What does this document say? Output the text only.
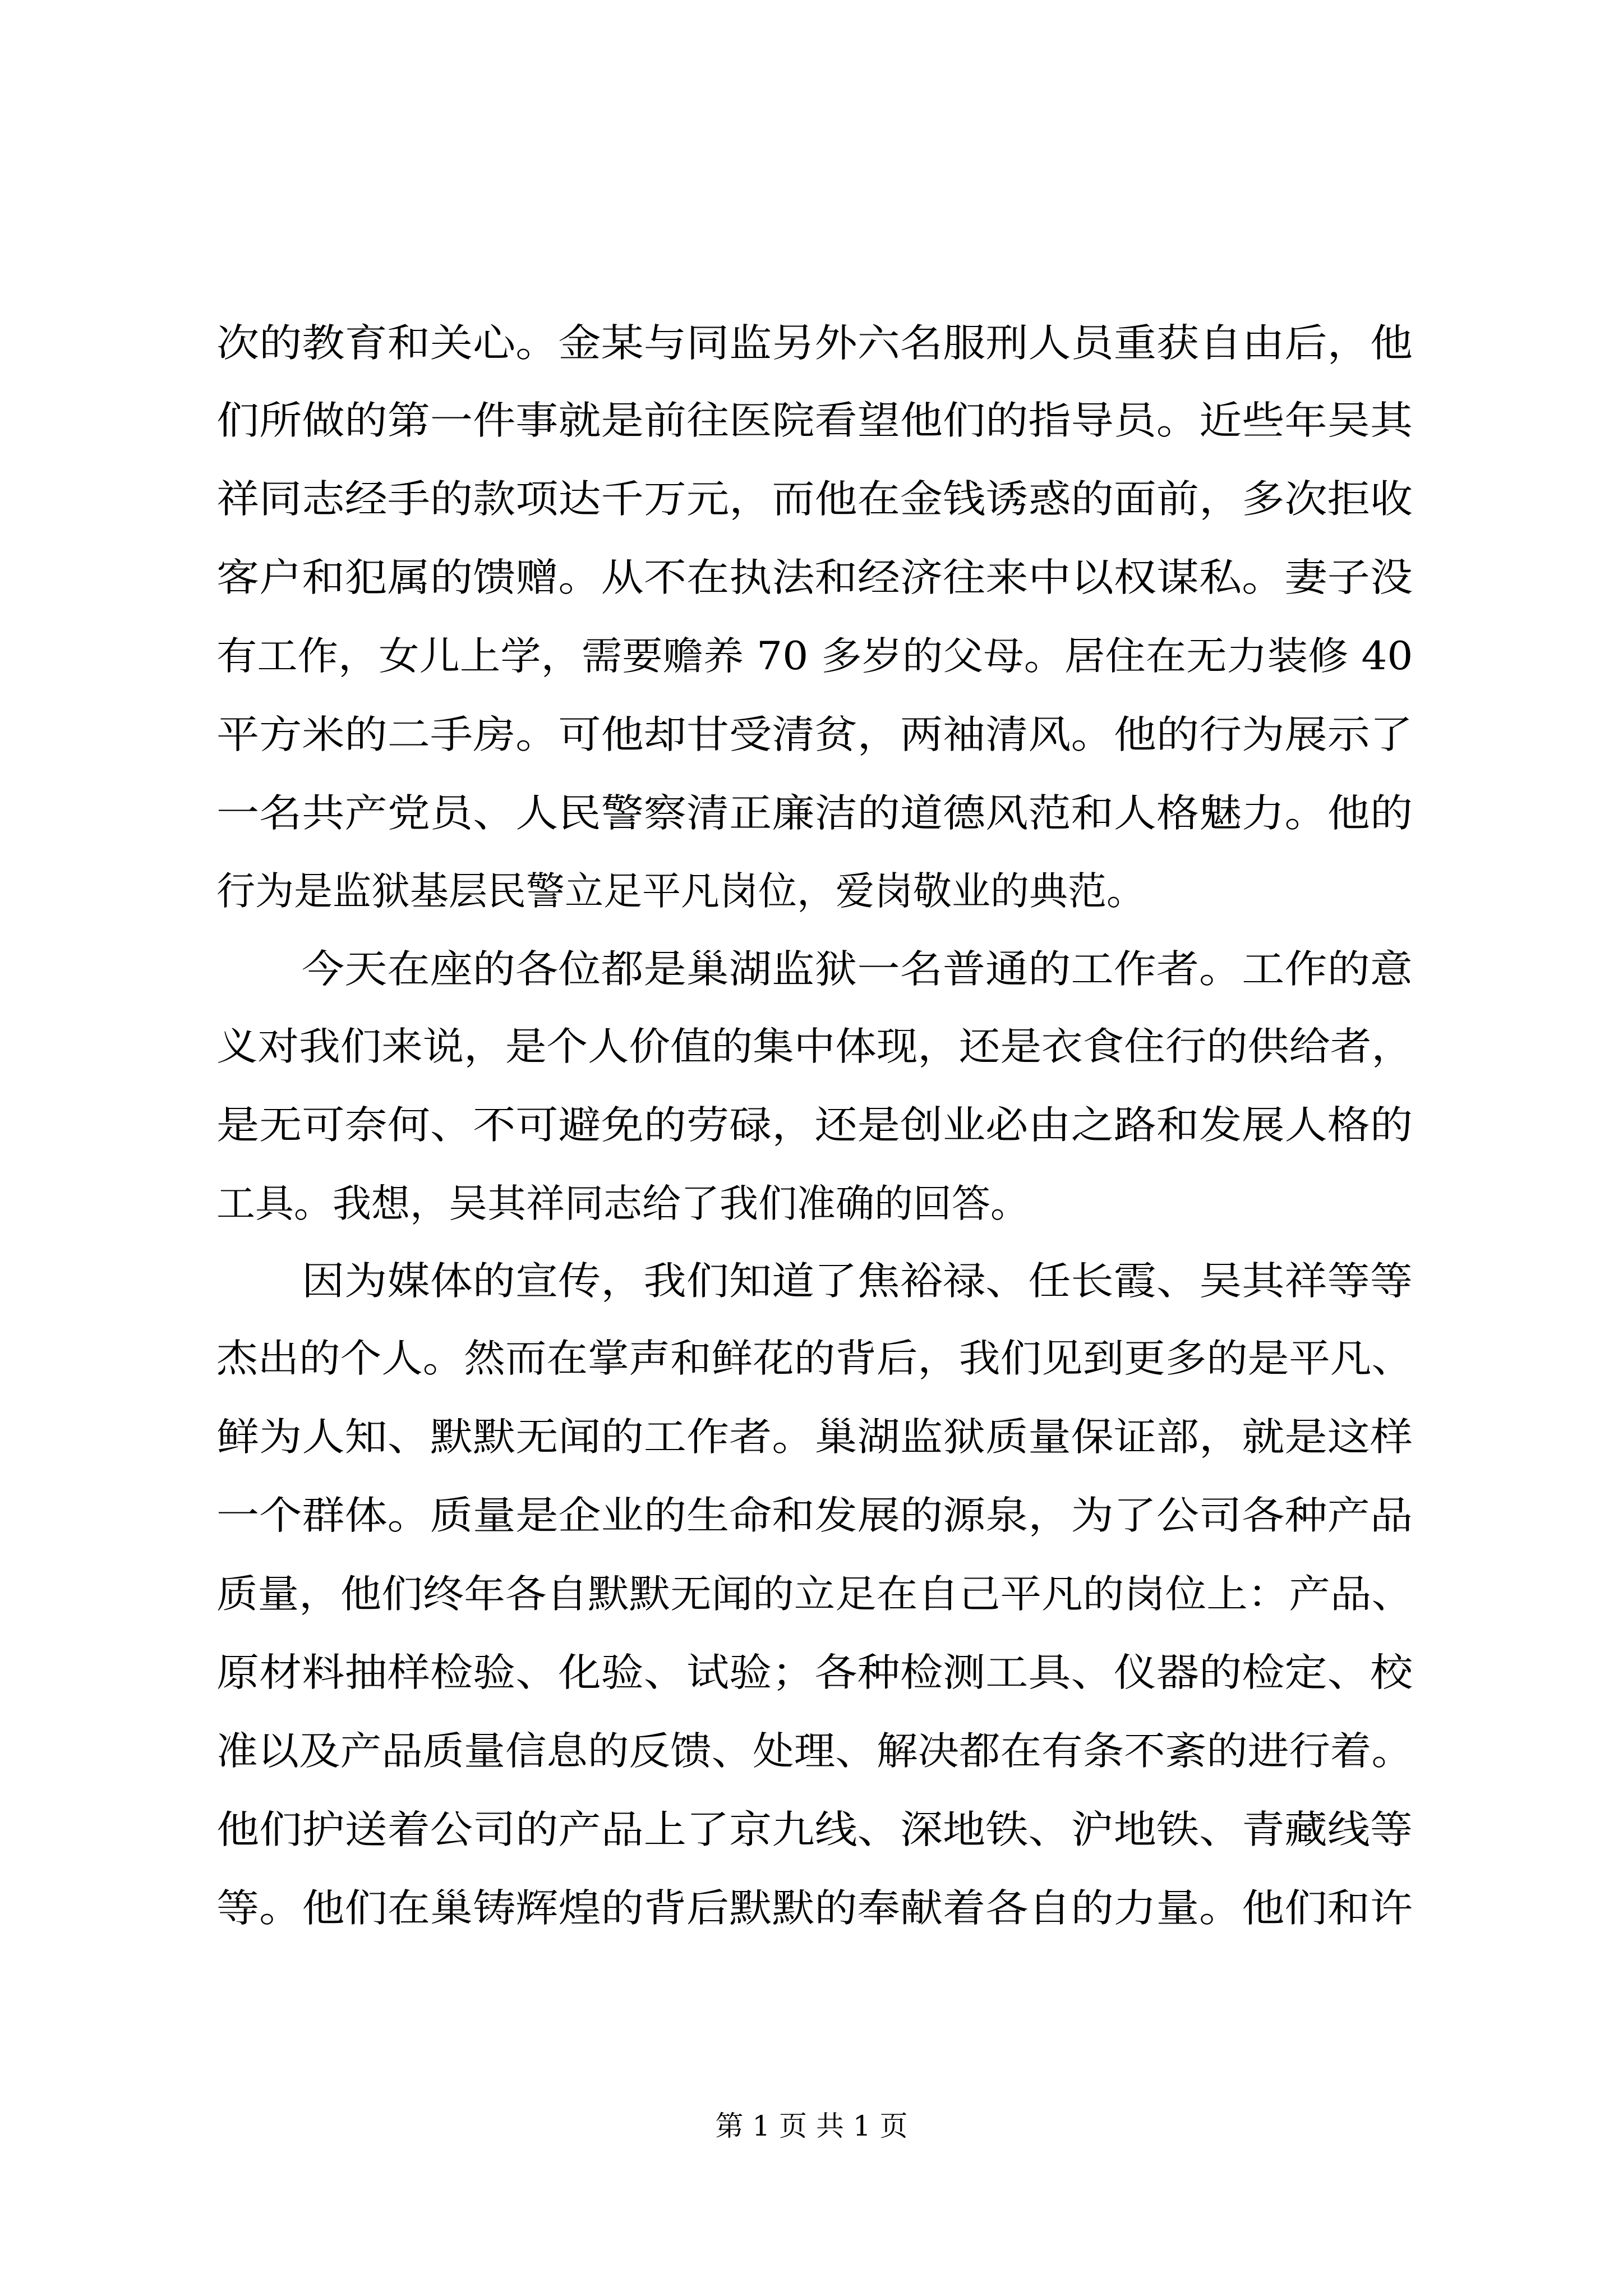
次的教育和关心。金某与同监另外六名服刑人员重获自由后，他
们所做的第一件事就是前往医院看望他们的指导员。近些年吴其
祥同志经手的款项达千万元，而他在金钱诱惑的面前，多次拒收
客户和犯属的馈赠。从不在执法和经济往来中以权谋私。妻子没
有工作，女儿上学，需要赡养 70 多岁的父母。居住在无力装修 40
平方米的二手房。可他却甘受清贫，两袖清风。他的行为展示了
一名共产党员、人民警察清正廉洁的道德风范和人格魅力。他的
行为是监狱基层民警立足平凡岗位，爱岗敬业的典范。
今天在座的各位都是巢湖监狱一名普通的工作者。工作的意
义对我们来说，是个人价值的集中体现，还是衣食住行的供给者，
是无可奈何、不可避免的劳碌，还是创业必由之路和发展人格的
工具。我想，吴其祥同志给了我们准确的回答。
因为媒体的宣传，我们知道了焦裕禄、任长霞、吴其祥等等
杰出的个人。然而在掌声和鲜花的背后，我们见到更多的是平凡、
鲜为人知、默默无闻的工作者。巢湖监狱质量保证部，就是这样
一个群体。质量是企业的生命和发展的源泉，为了公司各种产品
质量，他们终年各自默默无闻的立足在自己平凡的岗位上：产品、
原材料抽样检验、化验、试验；各种检测工具、仪器的检定、校
准以及产品质量信息的反馈、处理、解决都在有条不紊的进行着。
他们护送着公司的产品上了京九线、深地铁、沪地铁、青藏线等
等。他们在巢铸辉煌的背后默默的奉献着各自的力量。他们和许
第 1 页 共 1 页
